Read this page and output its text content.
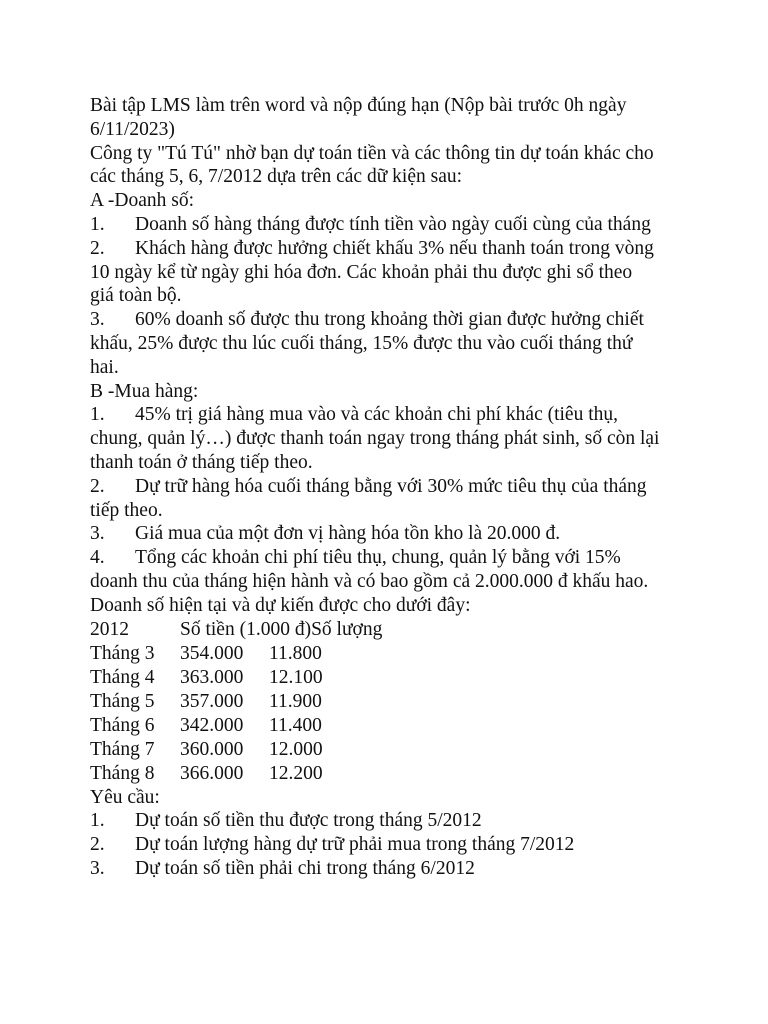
Bài tập LMS làm trên word và nộp đúng hạn (Nộp bài trước 0h ngày
6/11/2023)
Công ty "Tú Tú" nhờ bạn dự toán tiền và các thông tin dự toán khác cho
các tháng 5, 6, 7/2012 dựa trên các dữ kiện sau:
A -Doanh số:
1. Doanh số hàng tháng được tính tiền vào ngày cuối cùng của tháng
2. Khách hàng được hưởng chiết khấu 3% nếu thanh toán trong vòng
10 ngày kể từ ngày ghi hóa đơn. Các khoản phải thu được ghi sổ theo
giá toàn bộ.
3. 60% doanh số được thu trong khoảng thời gian được hưởng chiết
khấu, 25% được thu lúc cuối tháng, 15% được thu vào cuối tháng thứ
hai.
B -Mua hàng:
1. 45% trị giá hàng mua vào và các khoản chi phí khác (tiêu thụ,
chung, quản lý…) được thanh toán ngay trong tháng phát sinh, số còn lại
thanh toán ở tháng tiếp theo.
2. Dự trữ hàng hóa cuối tháng bằng với 30% mức tiêu thụ của tháng
tiếp theo.
3. Giá mua của một đơn vị hàng hóa tồn kho là 20.000 đ.
4. Tổng các khoản chi phí tiêu thụ, chung, quản lý bằng với 15%
doanh thu của tháng hiện hành và có bao gồm cả 2.000.000 đ khấu hao.
Doanh số hiện tại và dự kiến được cho dưới đây:
2012	Số tiền (1.000 đ)Số lượng
Tháng 3 354.000 11.800
Tháng 4 363.000 12.100
Tháng 5 357.000 11.900
Tháng 6 342.000 11.400
Tháng 7 360.000 12.000
Tháng 8 366.000 12.200
Yêu cầu:
1. Dự toán số tiền thu được trong tháng 5/2012
2. Dự toán lượng hàng dự trữ phải mua trong tháng 7/2012
3. Dự toán số tiền phải chi trong tháng 6/2012
